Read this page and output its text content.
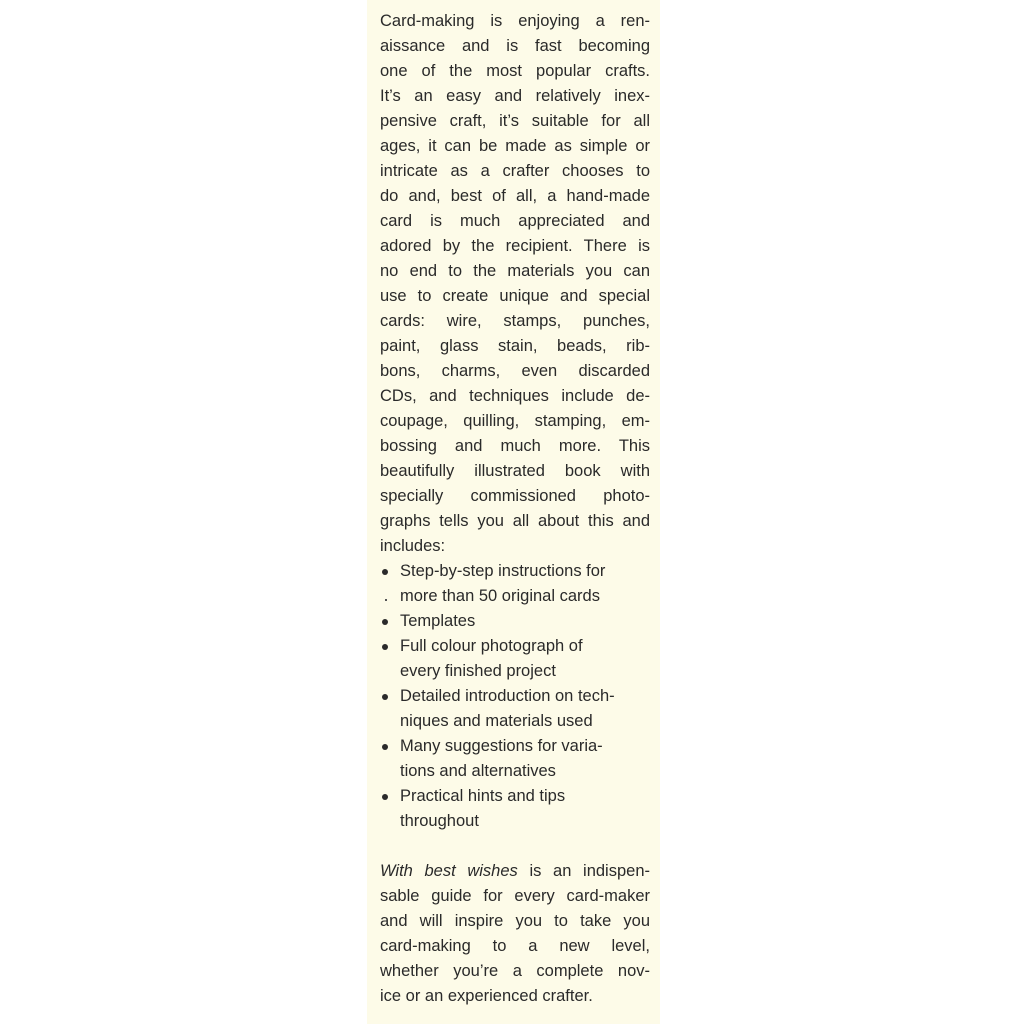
Card-making is enjoying a ren-
aissance and is fast becoming
one of the most popular crafts.
It’s an easy and relatively inex-
pensive craft, it’s suitable for all
ages, it can be made as simple or
intricate as a crafter chooses to
do and, best of all, a hand-made
card is much appreciated and
adored by the recipient. There is
no end to the materials you can
use to create unique and special
cards: wire, stamps, punches,
paint, glass stain, beads, rib-
bons, charms, even discarded
CDs, and techniques include de-
coupage, quilling, stamping, em-
bossing and much more. This
beautifully illustrated book with
specially commissioned photo-
graphs tells you all about this and
includes:
Step-by-step instructions for
more than 50 original cards
Templates
Full colour photograph of
every finished project
Detailed introduction on tech-
niques and materials used
Many suggestions for varia-
tions and alternatives
Practical hints and tips
throughout
With best wishes is an indispen-
sable guide for every card-maker
and will inspire you to take you
card-making to a new level,
whether you’re a complete nov-
ice or an experienced crafter.
